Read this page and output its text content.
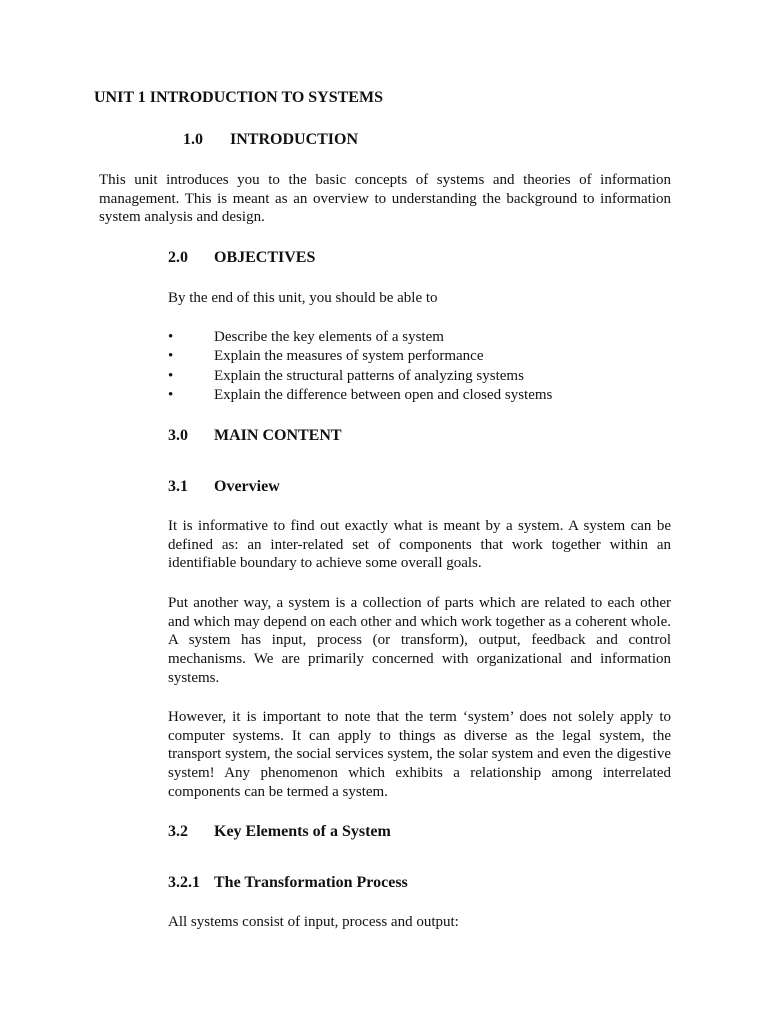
UNIT 1 INTRODUCTION TO SYSTEMS
1.0 INTRODUCTION
This unit introduces you to the basic concepts of systems and theories of information management. This is meant as an overview to understanding the background to information system analysis and design.
2.0 OBJECTIVES
By the end of this unit, you should be able to
•	Describe the key elements of a system
•	Explain the measures of system performance
•	Explain the structural patterns of analyzing systems
•	Explain the difference between open and closed systems
3.0 MAIN CONTENT
3.1 Overview
It is informative to find out exactly what is meant by a system. A system can be defined as: an inter-related set of components that work together within an identifiable boundary to achieve some overall goals.
Put another way, a system is a collection of parts which are related to each other and which may depend on each other and which work together as a coherent whole. A system has input, process (or transform), output, feedback and control mechanisms. We are primarily concerned with organizational and information systems.
However, it is important to note that the term ‘system’ does not solely apply to computer systems. It can apply to things as diverse as the legal system, the transport system, the social services system, the solar system and even the digestive system! Any phenomenon which exhibits a relationship among interrelated components can be termed a system.
3.2 Key Elements of a System
3.2.1 The Transformation Process
All systems consist of input, process and output:
